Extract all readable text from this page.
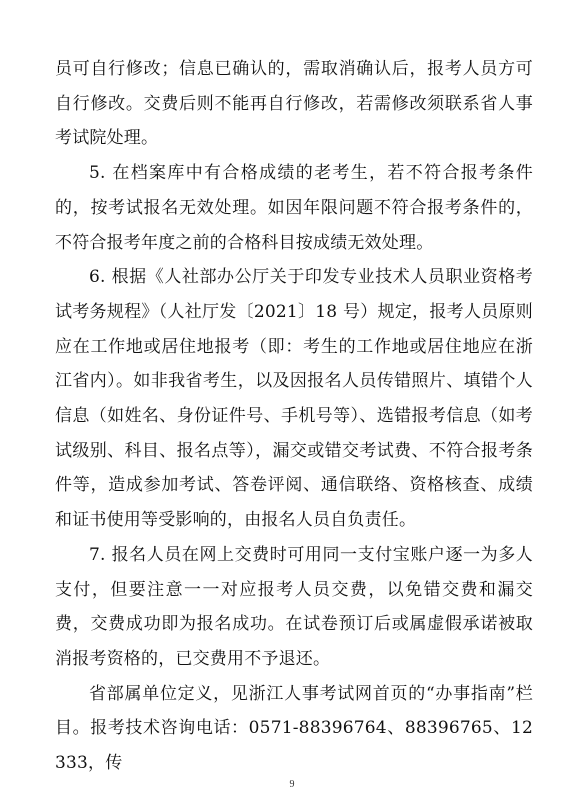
员可自行修改；信息已确认的，需取消确认后，报考人员方可自行修改。交费后则不能再自行修改，若需修改须联系省人事考试院处理。

5. 在档案库中有合格成绩的老考生，若不符合报考条件的，按考试报名无效处理。如因年限问题不符合报考条件的，不符合报考年度之前的合格科目按成绩无效处理。

6. 根据《人社部办公厅关于印发专业技术人员职业资格考试考务规程》（人社厅发〔2021〕18 号）规定，报考人员原则应在工作地或居住地报考（即：考生的工作地或居住地应在浙江省内）。如非我省考生，以及因报名人员传错照片、填错个人信息（如姓名、身份证件号、手机号等）、选错报考信息（如考试级别、科目、报名点等），漏交或错交考试费、不符合报考条件等，造成参加考试、答卷评阅、通信联络、资格核查、成绩和证书使用等受影响的，由报名人员自负责任。

7. 报名人员在网上交费时可用同一支付宝账户逐一为多人支付，但要注意一一对应报考人员交费，以免错交费和漏交费，交费成功即为报名成功。在试卷预订后或属虚假承诺被取消报考资格的，已交费用不予退还。

省部属单位定义，见浙江人事考试网首页的“办事指南”栏目。报考技术咨询电话：0571-88396764、88396765、12333，传

9
